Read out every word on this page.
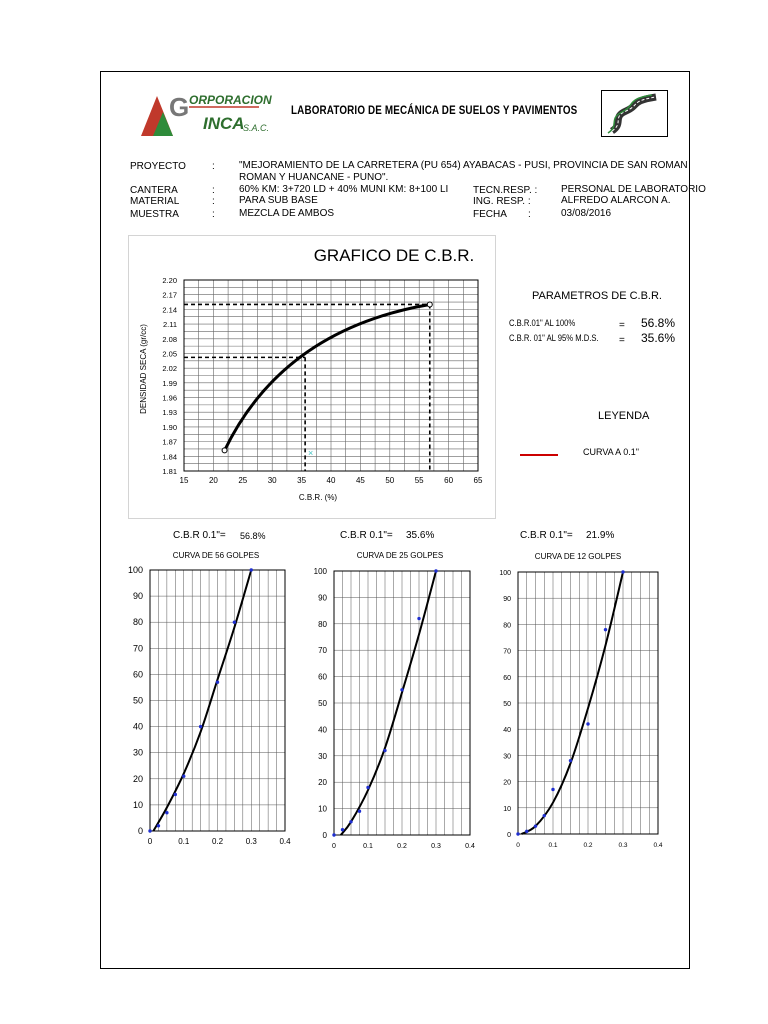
G ORPORACION
INCA
S.A.C.
LABORATORIO DE MECÁNICA DE SUELOS Y PAVIMENTOS
PROYECTO	: "MEJORAMIENTO DE LA CARRETERA (PU 654) AYABACAS - PUSI, PROVINCIA DE SAN ROMAN
ROMAN Y HUANCANE - PUNO".
CANTERA	: 60% KM: 3+720 LD + 40% MUNI KM: 8+100 LI TECN.RESP. : PERSONAL DE LABORATORIO
MATERIAL	: PARA SUB BASE	ING. RESP. :	ALFREDO ALARCON A.
MUESTRA	: MEZCLA DE AMBOS	FECHA :	03/08/2016
GRAFICO DE C.B.R.
15	20	25	30	35	40	45	50	55	60	65
1.81
1.84
1.87
1.90
1.93
1.96
1.99
2.02
2.05
2.08
2.11
2.14
2.17
2.20
C.B.R. (%)
DENSIDAD SECA (gr/cc)
×
PARAMETROS DE C.B.R.
C.B.R.01" AL 100%	= 56.8%
C.B.R. 01" AL 95% M.D.S. = 35.6%
LEYENDA
CURVA A 0.1"
C.B.R 0.1"= 56.8%	C.B.R 0.1"= 35.6%	C.B.R 0.1"= 21.9%
CURVA DE 56 GOLPES	CURVA DE 25 GOLPES	CURVA DE 12 GOLPES
0
10
20
30
40
50
60
70
80
90
100
0	0.1	0.2	0.3	0.4
0
10
20
30
40
50
60
70
80
90
100
0	0.1	0.2	0.3	0.4
0
10
20
30
40
50
60
70
80
90
100
0	0.1	0.2	0.3	0.4
